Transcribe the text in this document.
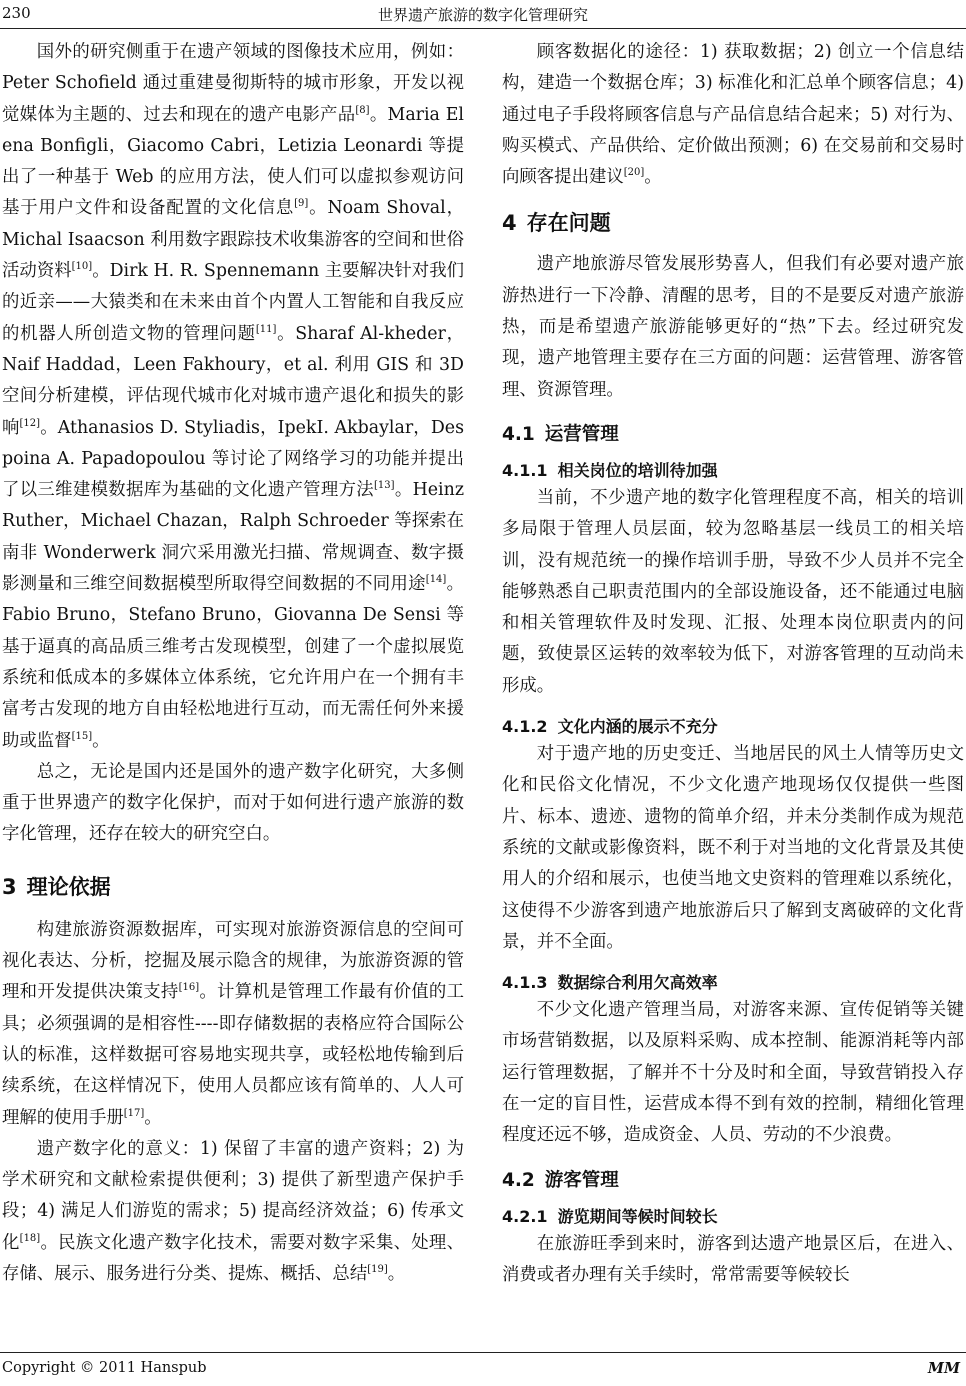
230	世界遗产旅游的数字化管理研究

国外的研究侧重于在遗产领域的图像技术应用，例如：Peter Schofield 通过重建曼彻斯特的城市形象，开发以视觉媒体为主题的、过去和现在的遗产电影产品[8]。Maria Elena Bonfigli，Giacomo Cabri，Letizia Leonardi 等提出了一种基于 Web 的应用方法，使人们可以虚拟参观访问基于用户文件和设备配置的文化信息[9]。Noam Shoval，Michal Isaacson 利用数字跟踪技术收集游客的空间和世俗活动资料[10]。Dirk H. R. Spennemann 主要解决针对我们的近亲——大猿类和在未来由首个内置人工智能和自我反应的机器人所创造文物的管理问题[11]。Sharaf Al-kheder，Naif Haddad，Leen Fakhoury，et al. 利用 GIS 和 3D 空间分析建模，评估现代城市化对城市遗产退化和损失的影响[12]。Athanasios D. Styliadis，IpekI. Akbaylar，Despoina A. Papadopoulou 等讨论了网络学习的功能并提出了以三维建模数据库为基础的文化遗产管理方法[13]。Heinz Ruther，Michael Chazan，Ralph Schroeder 等探索在南非 Wonderwerk 洞穴采用激光扫描、常规调查、数字摄影测量和三维空间数据模型所取得空间数据的不同用途[14]。Fabio Bruno，Stefano Bruno，Giovanna De Sensi 等基于逼真的高品质三维考古发现模型，创建了一个虚拟展览系统和低成本的多媒体立体系统，它允许用户在一个拥有丰富考古发现的地方自由轻松地进行互动，而无需任何外来援助或监督[15]。

总之，无论是国内还是国外的遗产数字化研究，大多侧重于世界遗产的数字化保护，而对于如何进行遗产旅游的数字化管理，还存在较大的研究空白。

3 理论依据

构建旅游资源数据库，可实现对旅游资源信息的空间可视化表达、分析，挖掘及展示隐含的规律，为旅游资源的管理和开发提供决策支持[16]。计算机是管理工作最有价值的工具；必须强调的是相容性----即存储数据的表格应符合国际公认的标准，这样数据可容易地实现共享，或轻松地传输到后续系统，在这样情况下，使用人员都应该有简单的、人人可理解的使用手册[17]。

遗产数字化的意义：1) 保留了丰富的遗产资料；2) 为学术研究和文献检索提供便利；3) 提供了新型遗产保护手段；4) 满足人们游览的需求；5) 提高经济效益；6) 传承文化[18]。民族文化遗产数字化技术，需要对数字采集、处理、存储、展示、服务进行分类、提炼、概括、总结[19]。

顾客数据化的途径：1) 获取数据；2) 创立一个信息结构，建造一个数据仓库；3) 标准化和汇总单个顾客信息；4) 通过电子手段将顾客信息与产品信息结合起来；5) 对行为、购买模式、产品供给、定价做出预测；6) 在交易前和交易时向顾客提出建议[20]。

4 存在问题

遗产地旅游尽管发展形势喜人，但我们有必要对遗产旅游热进行一下冷静、清醒的思考，目的不是要反对遗产旅游热，而是希望遗产旅游能够更好的“热”下去。经过研究发现，遗产地管理主要存在三方面的问题：运营管理、游客管理、资源管理。

4.1 运营管理
4.1.1 相关岗位的培训待加强

当前，不少遗产地的数字化管理程度不高，相关的培训多局限于管理人员层面，较为忽略基层一线员工的相关培训，没有规范统一的操作培训手册，导致不少人员并不完全能够熟悉自己职责范围内的全部设施设备，还不能通过电脑和相关管理软件及时发现、汇报、处理本岗位职责内的问题，致使景区运转的效率较为低下，对游客管理的互动尚未形成。

4.1.2 文化内涵的展示不充分

对于遗产地的历史变迁、当地居民的风土人情等历史文化和民俗文化情况，不少文化遗产地现场仅仅提供一些图片、标本、遗迹、遗物的简单介绍，并未分类制作成为规范系统的文献或影像资料，既不利于对当地的文化背景及其使用人的介绍和展示，也使当地文史资料的管理难以系统化，这使得不少游客到遗产地旅游后只了解到支离破碎的文化背景，并不全面。

4.1.3 数据综合利用欠高效率

不少文化遗产管理当局，对游客来源、宣传促销等关键市场营销数据，以及原料采购、成本控制、能源消耗等内部运行管理数据，了解并不十分及时和全面，导致营销投入存在一定的盲目性，运营成本得不到有效的控制，精细化管理程度还远不够，造成资金、人员、劳动的不少浪费。

4.2 游客管理
4.2.1 游览期间等候时间较长

在旅游旺季到来时，游客到达遗产地景区后，在进入、消费或者办理有关手续时，常常需要等候较长

Copyright © 2011 Hanspub	MM
